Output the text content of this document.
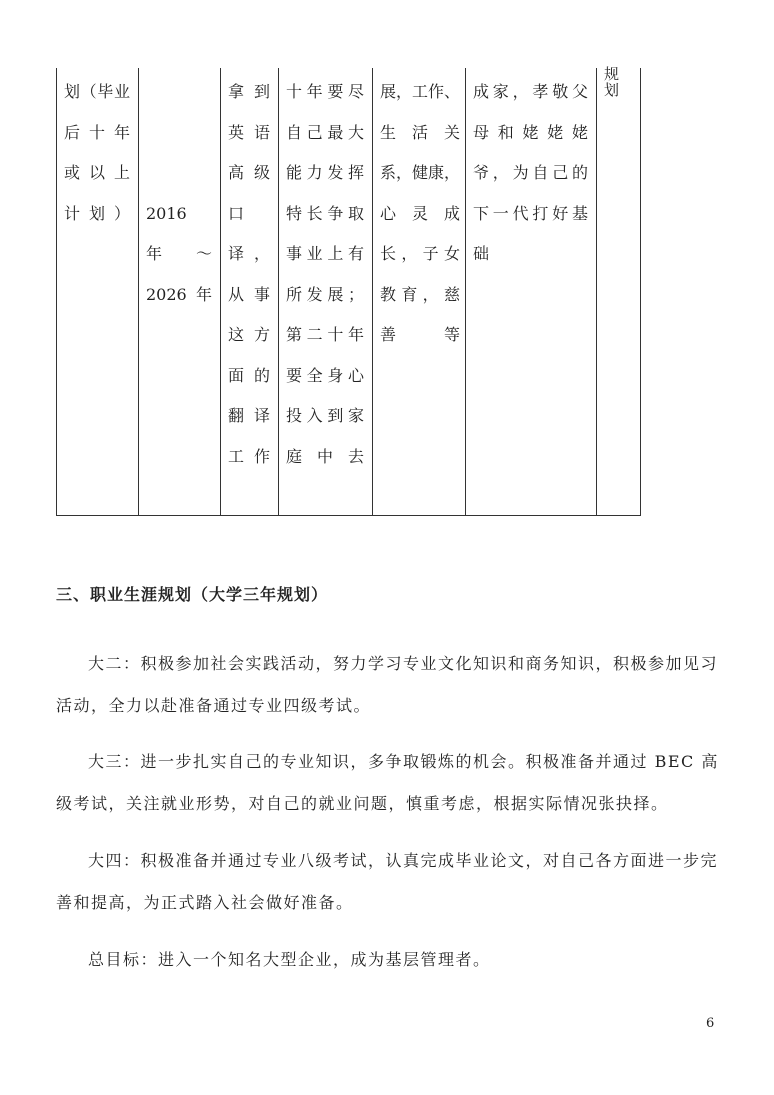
划（毕业
后 十 年
或 以 上
计划）

2016
年  ～
2026 年
拿 到
英 语
高 级
口
译，
从 事
这 方
面 的
翻 译
工作
十年要尽
自己最大
能力发挥
特长争取
事业上有
所发展；
第二十年
要全身心
投入到家
庭中去
展，工作、
生 活 关
系，健康，
心 灵 成
长，子女
教育，慈
善等
成家，孝敬父
母和姥姥姥
爷，为自己的
下一代打好基
础
规划
三、职业生涯规划（大学三年规划）

大二：积极参加社会实践活动，努力学习专业文化知识和商务知识，积极参加见习活动，全力以赴准备通过专业四级考试。

大三：进一步扎实自己的专业知识，多争取锻炼的机会。积极准备并通过 BEC 高级考试，关注就业形势，对自己的就业问题，慎重考虑，根据实际情况张抉择。

大四：积极准备并通过专业八级考试，认真完成毕业论文，对自己各方面进一步完善和提高，为正式踏入社会做好准备。

总目标：进入一个知名大型企业，成为基层管理者。

6
